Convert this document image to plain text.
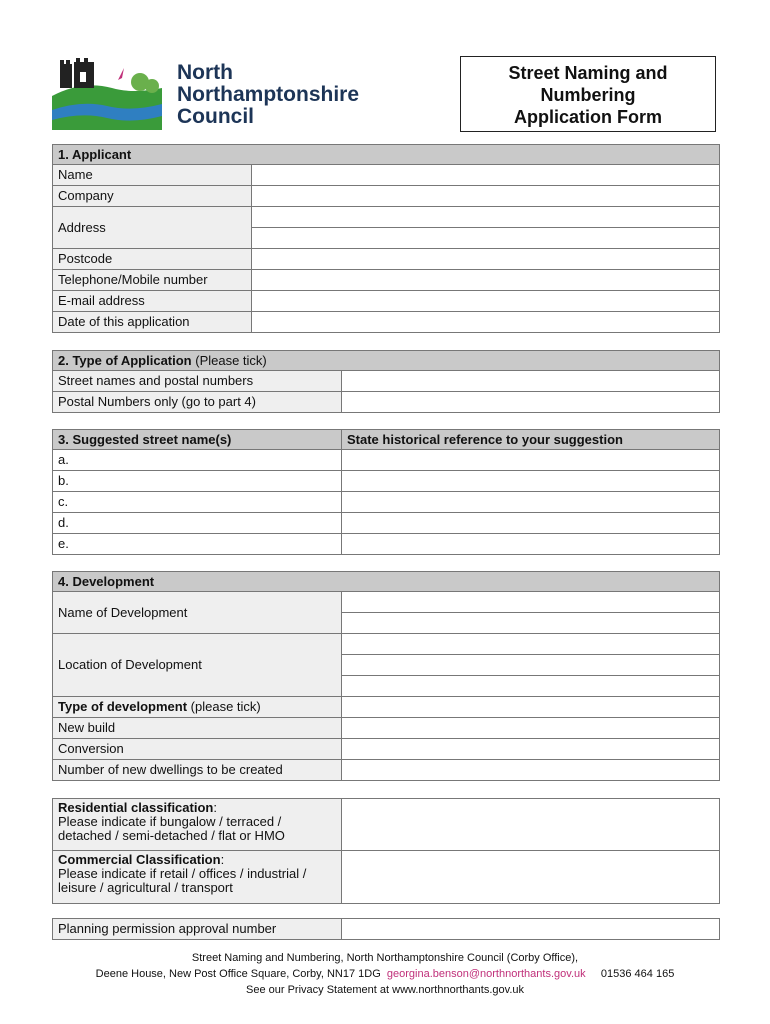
North
Northamptonshire
Council
Street Naming and
Numbering
Application Form
1. Applicant	
Name	
Company	
Address	

Postcode	
Telephone/Mobile number	
E-mail address	
Date of this application	
2. Type of Application (Please tick)	
Street names and postal numbers	
Postal Numbers only (go to part 4)	
3. Suggested street name(s)	State historical reference to your suggestion
a.	
b.	
c.	
d.	
e.	
4. Development	
Name of Development	

Location of Development	

Type of development (please tick)	
New build	
Conversion	
Number of new dwellings to be created	
Residential classification:
Please indicate if bungalow / terraced / detached / semi-detached / flat or HMO	
Commercial Classification:
Please indicate if retail / offices / industrial / leisure / agricultural / transport	
Planning permission approval number	
Street Naming and Numbering, North Northamptonshire Council (Corby Office),
Deene House, New Post Office Square, Corby, NN17 1DG georgina.benson@northnorthants.gov.uk 01536 464 165
See our Privacy Statement at www.northnorthants.gov.uk
